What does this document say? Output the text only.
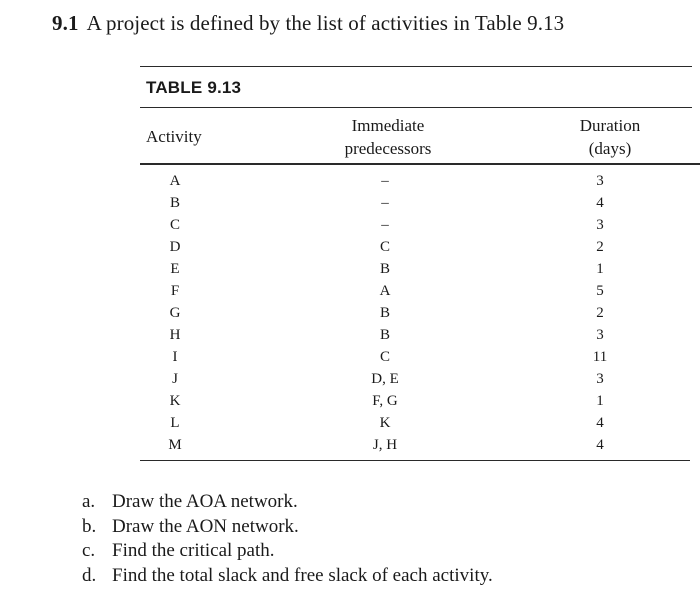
9.1 A project is defined by the list of activities in Table 9.13
TABLE 9.13
Activity
Immediate
predecessors
Duration
(days)
A
B
C
D
E
F
G
H
I
J
K
L
M
–
–
–
C
B
A
B
B
C
D, E
F, G
K
J, H
3
4
3
2
1
5
2
3
11
3
1
4
4
a. Draw the AOA network.
b. Draw the AON network.
c. Find the critical path.
d. Find the total slack and free slack of each activity.
